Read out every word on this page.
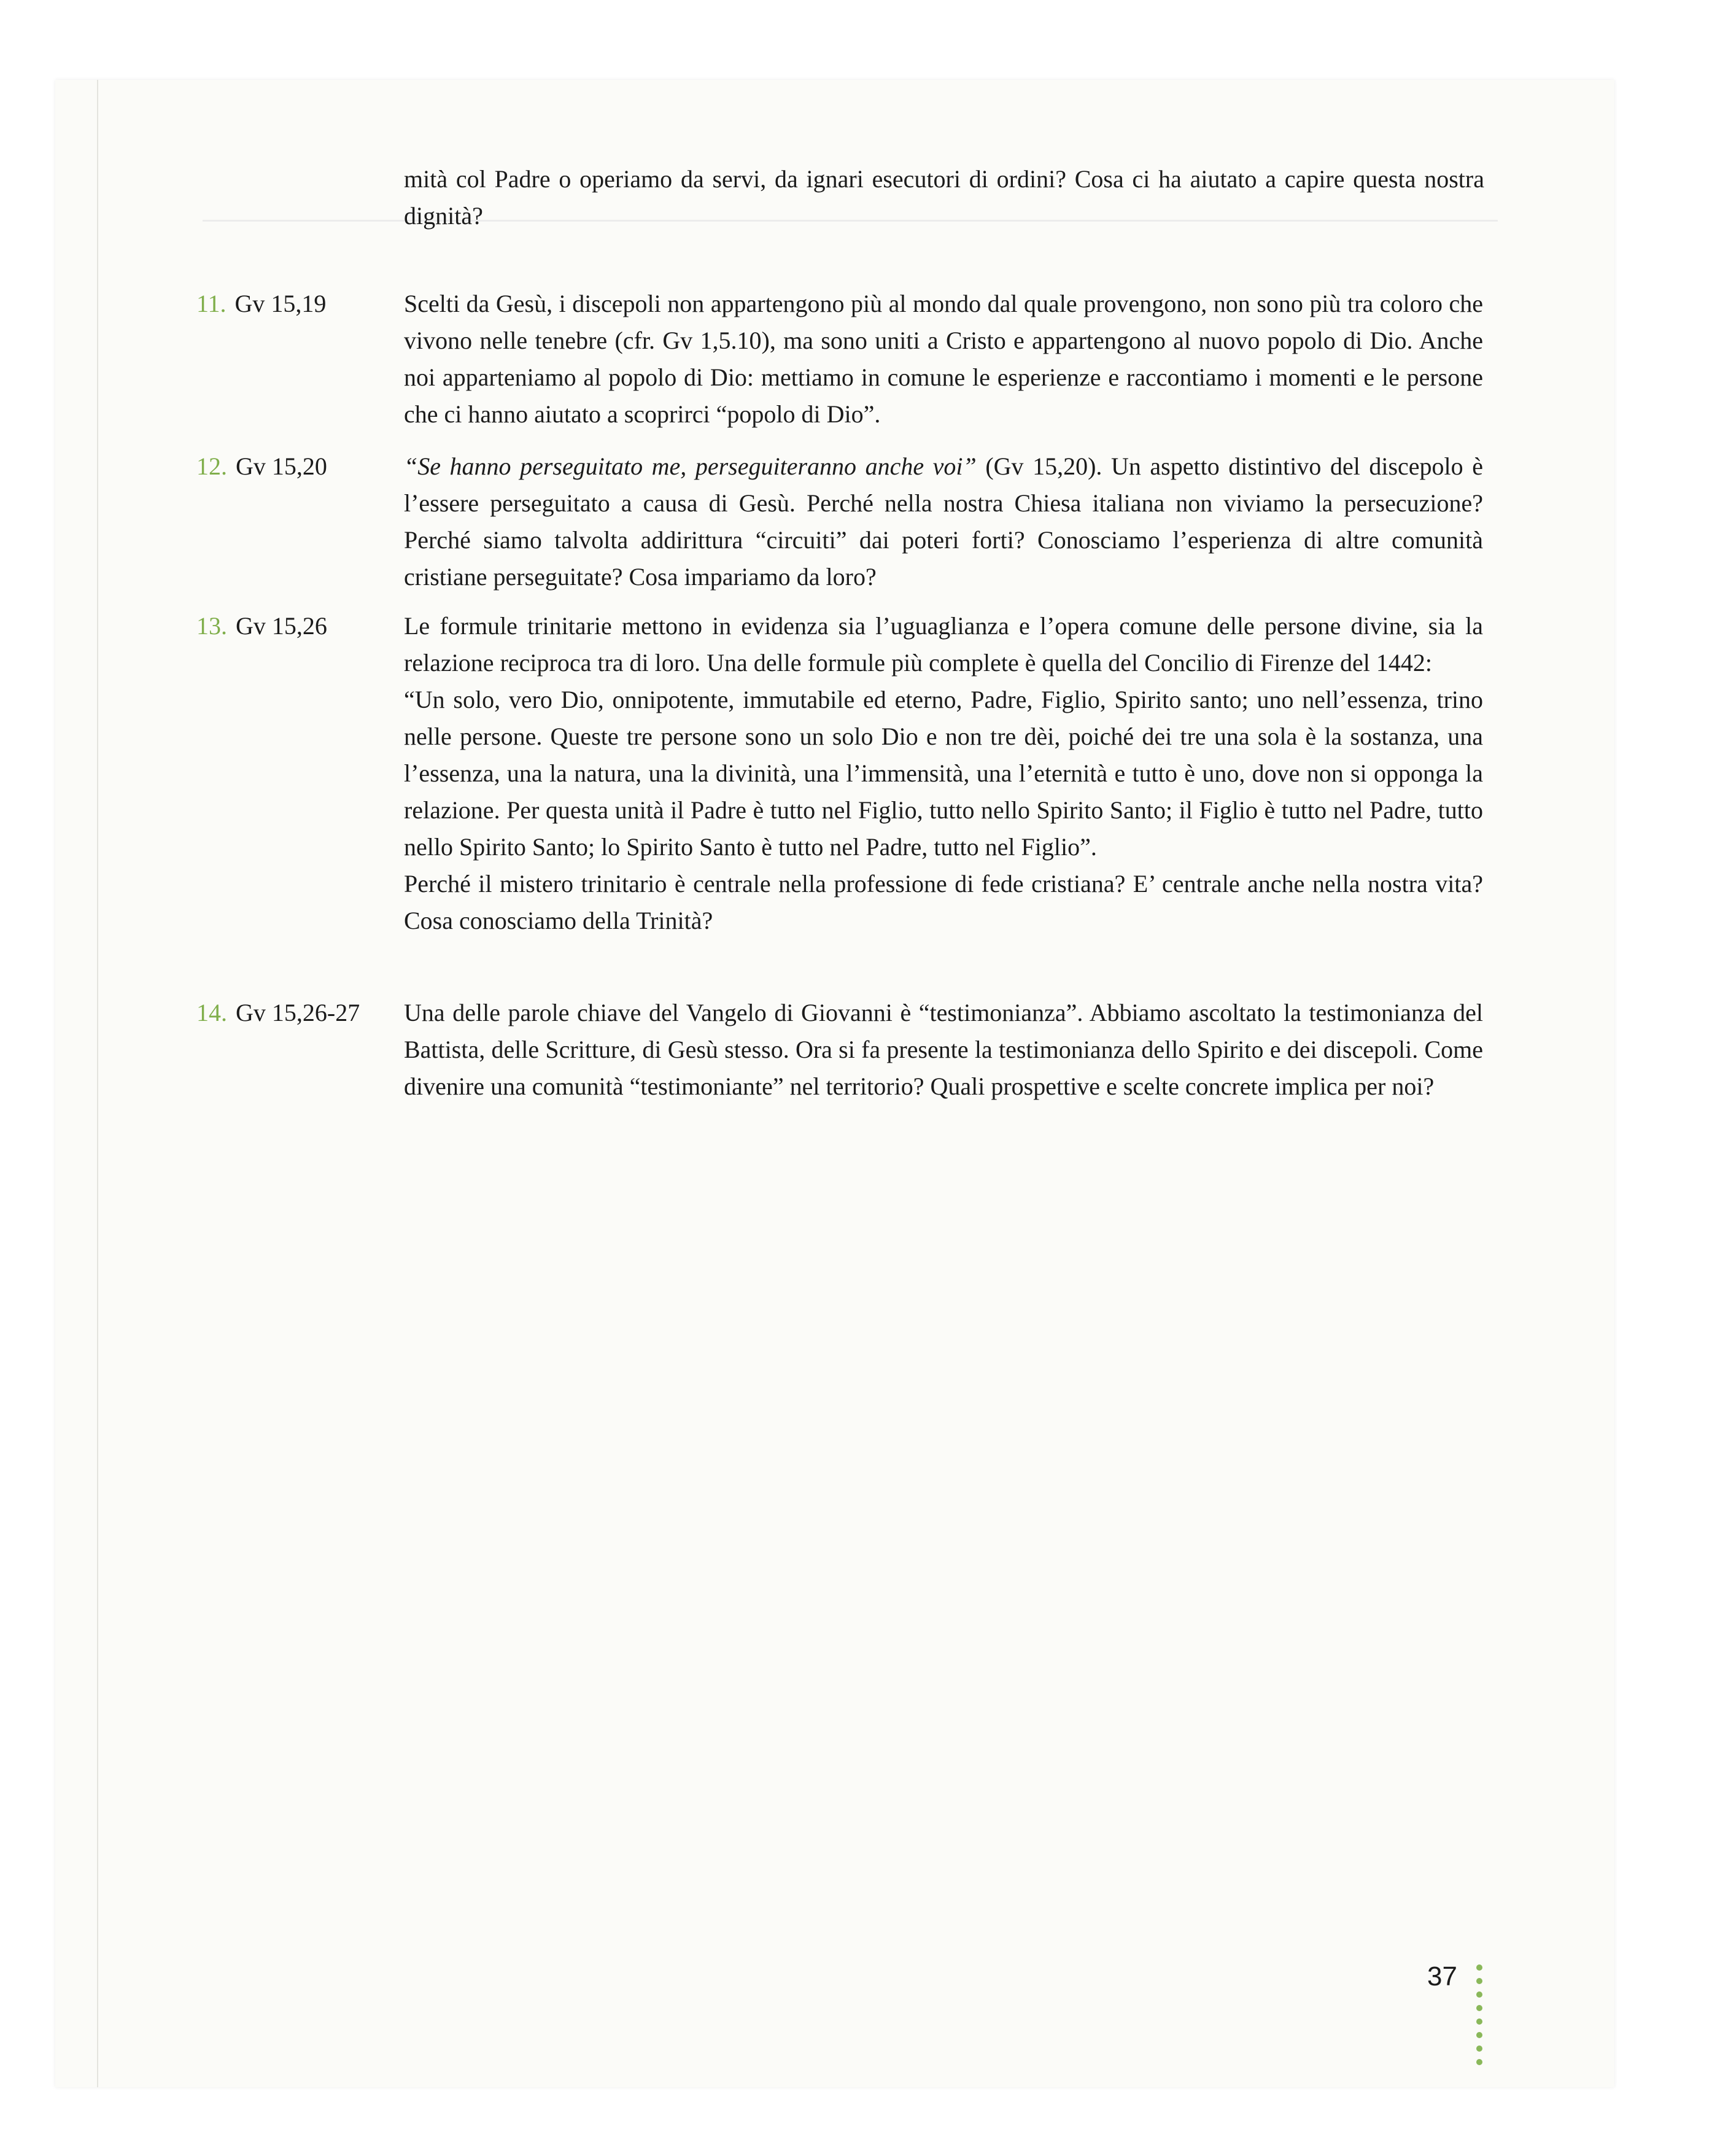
mità col Padre o operiamo da servi, da ignari esecutori di ordini? Cosa ci ha aiutato a capire questa nostra dignità?
11. Gv 15,19	Scelti da Gesù, i discepoli non appartengono più al mondo dal quale provengono, non sono più tra coloro che vivono nelle tenebre (cfr. Gv 1,5.10), ma sono uniti a Cristo e appartengono al nuovo popolo di Dio. Anche noi apparteniamo al popolo di Dio: mettiamo in comune le esperienze e raccontiamo i momenti e le persone che ci hanno aiutato a scoprirci “popolo di Dio”.

12. Gv 15,20	“Se hanno perseguitato me, perseguiteranno anche voi” (Gv 15,20). Un aspetto distintivo del discepolo è l’essere perseguitato a causa di Gesù. Perché nella nostra Chiesa italiana non viviamo la persecuzione? Perché siamo talvolta addirittura “circuiti” dai poteri forti? Conosciamo l’esperienza di altre comunità cristiane perseguitate? Cosa impariamo da loro?

13. Gv 15,26	Le formule trinitarie mettono in evidenza sia l’uguaglianza e l’opera comune delle persone divine, sia la relazione reciproca tra di loro. Una delle formule più complete è quella del Concilio di Firenze del 1442:

“Un solo, vero Dio, onnipotente, immutabile ed eterno, Padre, Figlio, Spirito santo; uno nell’essenza, trino nelle persone. Queste tre persone sono un solo Dio e non tre dèi, poiché dei tre una sola è la sostanza, una l’essenza, una la natura, una la divinità, una l’immensità, una l’eternità e tutto è uno, dove non si opponga la relazione. Per questa unità il Padre è tutto nel Figlio, tutto nello Spirito Santo; il Figlio è tutto nel Padre, tutto nello Spirito Santo; lo Spirito Santo è tutto nel Padre, tutto nel Figlio”.

Perché il mistero trinitario è centrale nella professione di fede cristiana? E’ centrale anche nella nostra vita? Cosa conosciamo della Trinità?

14. Gv 15,26-27	Una delle parole chiave del Vangelo di Giovanni è “testimonianza”. Abbiamo ascoltato la testimonianza del Battista, delle Scritture, di Gesù stesso. Ora si fa presente la testimonianza dello Spirito e dei discepoli. Come divenire una comunità “testimoniante” nel territorio? Quali prospettive e scelte concrete implica per noi?

37
